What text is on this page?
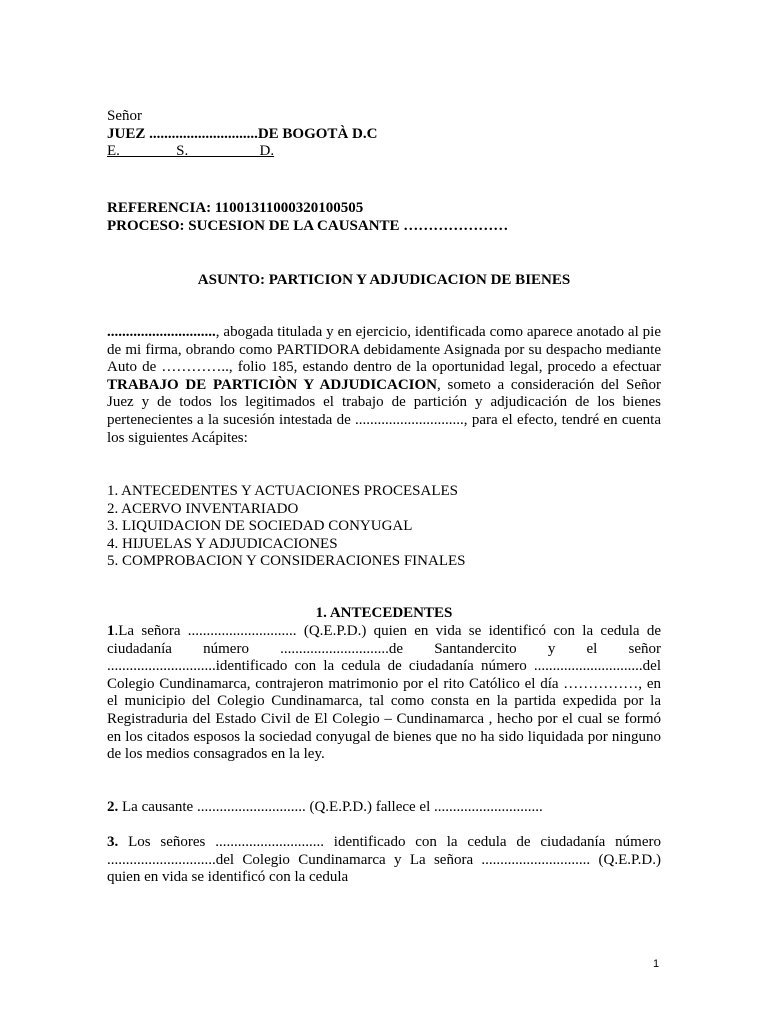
Señor
JUEZ .............................DE BOGOTÀ D.C
E.               S.                   D.
REFERENCIA: 11001311000320100505
PROCESO: SUCESION DE LA CAUSANTE …………………
ASUNTO: PARTICION Y ADJUDICACION DE BIENES
............................., abogada titulada y en ejercicio, identificada como aparece anotado al pie de mi firma, obrando como PARTIDORA debidamente Asignada por su despacho mediante Auto de ………….., folio 185, estando dentro de la oportunidad legal, procedo a efectuar TRABAJO DE PARTICIÒN Y ADJUDICACION, someto a consideración del Señor Juez y de todos los legitimados el trabajo de partición y adjudicación de los bienes pertenecientes a la sucesión intestada de ............................., para el efecto, tendré en cuenta los siguientes Acápites:
1. ANTECEDENTES Y ACTUACIONES PROCESALES
2. ACERVO INVENTARIADO
3. LIQUIDACION DE SOCIEDAD CONYUGAL
4. HIJUELAS Y ADJUDICACIONES
5. COMPROBACION Y CONSIDERACIONES FINALES
1. ANTECEDENTES
1.La señora ............................. (Q.E.P.D.) quien en vida se identificó con la cedula de ciudadanía número .............................de Santandercito y el señor .............................identificado con la cedula de ciudadanía número .............................del Colegio Cundinamarca, contrajeron matrimonio por el rito Católico el día ……………, en el municipio del Colegio Cundinamarca, tal como consta en la partida expedida por la Registraduria del Estado Civil de El Colegio – Cundinamarca , hecho por el cual se formó en los citados esposos la sociedad conyugal de bienes que no ha sido liquidada por ninguno de los medios consagrados en la ley.
2. La causante ............................. (Q.E.P.D.) fallece el .............................
3. Los señores ............................. identificado con la cedula de ciudadanía número .............................del Colegio Cundinamarca y La señora ............................. (Q.E.P.D.) quien en vida se identificó con la cedula
1
